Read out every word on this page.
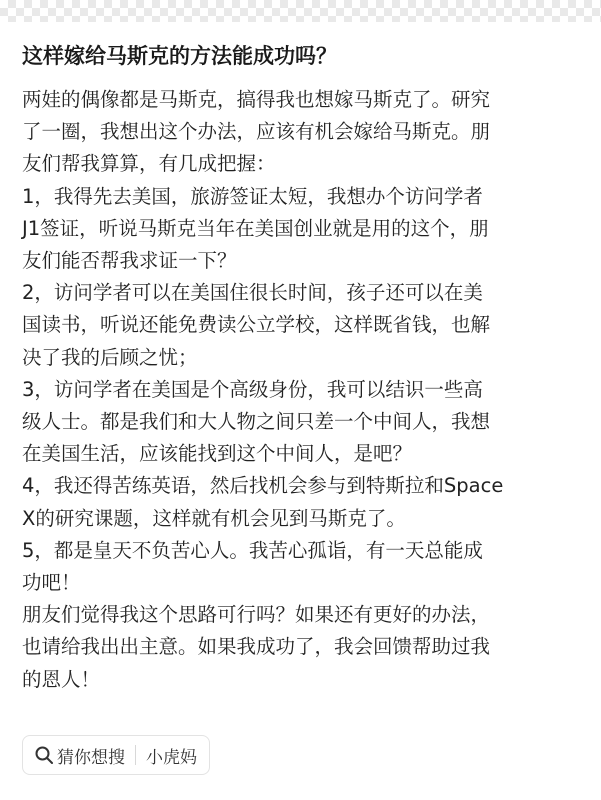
这样嫁给马斯克的方法能成功吗？

两娃的偶像都是马斯克，搞得我也想嫁马斯克了。研究

了一圈，我想出这个办法，应该有机会嫁给马斯克。朋

友们帮我算算，有几成把握：

1，我得先去美国，旅游签证太短，我想办个访问学者

J1签证，听说马斯克当年在美国创业就是用的这个，朋

友们能否帮我求证一下？

2，访问学者可以在美国住很长时间，孩子还可以在美

国读书，听说还能免费读公立学校，这样既省钱，也解

决了我的后顾之忧；

3，访问学者在美国是个高级身份，我可以结识一些高

级人士。都是我们和大人物之间只差一个中间人，我想

在美国生活，应该能找到这个中间人，是吧？

4，我还得苦练英语，然后找机会参与到特斯拉和Space

X的研究课题，这样就有机会见到马斯克了。

5，都是皇天不负苦心人。我苦心孤诣，有一天总能成

功吧！

朋友们觉得我这个思路可行吗？如果还有更好的办法，

也请给我出出主意。如果我成功了，我会回馈帮助过我

的恩人！

猜你想搜 小虎妈
